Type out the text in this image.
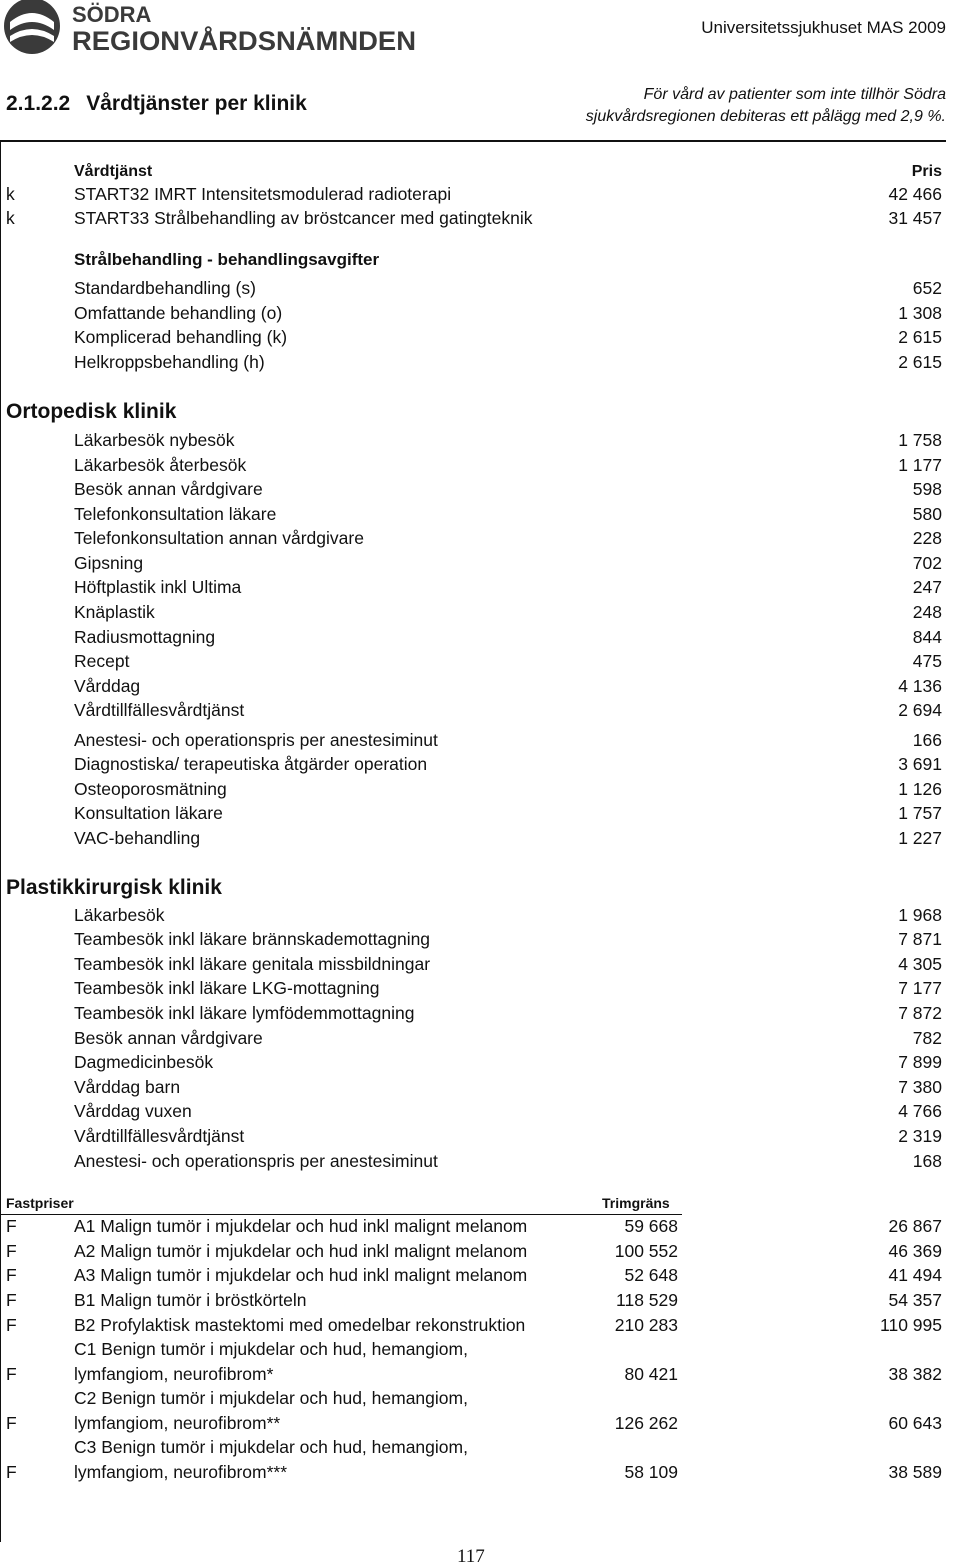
SÖDRA
REGIONVÅRDSNÄMNDEN	Universitetssjukhuset MAS 2009
2.1.2.2 Vårdtjänster per klinik	För vård av patienter som inte tillhör Södra
sjukvårdsregionen debiteras ett pålägg med 2,9 %.
Vårdtjänst	Pris
k	START32 IMRT Intensitetsmodulerad radioterapi	42 466
k	START33 Strålbehandling av bröstcancer med gatingteknik	31 457
Strålbehandling - behandlingsavgifter
Standardbehandling (s)	652
Omfattande behandling (o)	1 308
Komplicerad behandling (k)	2 615
Helkroppsbehandling (h)	2 615
Ortopedisk klinik
Läkarbesök nybesök	1 758
Läkarbesök återbesök	1 177
Besök annan vårdgivare	598
Telefonkonsultation läkare	580
Telefonkonsultation annan vårdgivare	228
Gipsning	702
Höftplastik inkl Ultima	247
Knäplastik	248
Radiusmottagning	844
Recept	475
Vårddag	4 136
Vårdtillfällesvårdtjänst	2 694
Anestesi- och operationspris per anestesiminut	166
Diagnostiska/ terapeutiska åtgärder operation	3 691
Osteoporosmätning	1 126
Konsultation läkare	1 757
VAC-behandling	1 227
Plastikkirurgisk klinik
Läkarbesök	1 968
Teambesök inkl läkare brännskademottagning	7 871
Teambesök inkl läkare genitala missbildningar	4 305
Teambesök inkl läkare LKG-mottagning	7 177
Teambesök inkl läkare lymfödemmottagning	7 872
Besök annan vårdgivare	782
Dagmedicinbesök	7 899
Vårddag barn	7 380
Vårddag vuxen	4 766
Vårdtillfällesvårdtjänst	2 319
Anestesi- och operationspris per anestesiminut	168
Fastpriser	Trimgräns
F	A1 Malign tumör i mjukdelar och hud inkl malignt melanom	59 668	26 867
F	A2 Malign tumör i mjukdelar och hud inkl malignt melanom	100 552	46 369
F	A3 Malign tumör i mjukdelar och hud inkl malignt melanom	52 648	41 494
F	B1 Malign tumör i bröstkörteln	118 529	54 357
F	B2 Profylaktisk mastektomi med omedelbar rekonstruktion	210 283	110 995
C1 Benign tumör i mjukdelar och hud, hemangiom,
F	lymfangiom, neurofibrom*	80 421	38 382
C2 Benign tumör i mjukdelar och hud, hemangiom,
F	lymfangiom, neurofibrom**	126 262	60 643
C3 Benign tumör i mjukdelar och hud, hemangiom,
F	lymfangiom, neurofibrom***	58 109	38 589
117
